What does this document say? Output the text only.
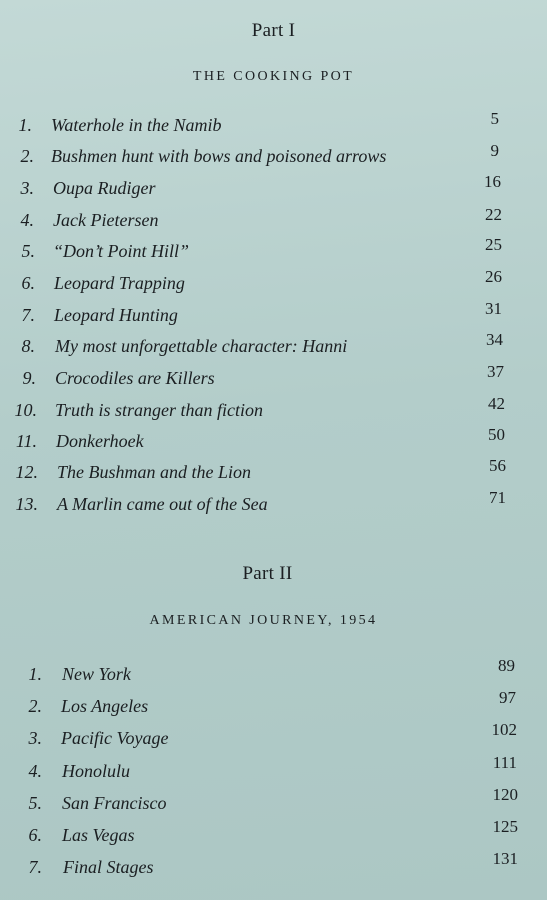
Part I
THE COOKING POT
1. Waterhole in the Namib	5
2. Bushmen hunt with bows and poisoned arrows	9
3. Oupa Rudiger	16
4. Jack Pietersen	22
5. “Don’t Point Hill”	25
6. Leopard Trapping	26
7. Leopard Hunting	31
8. My most unforgettable character: Hanni	34
9. Crocodiles are Killers	37
10. Truth is stranger than fiction	42
11. Donkerhoek	50
12. The Bushman and the Lion	56
13. A Marlin came out of the Sea	71
Part II
AMERICAN JOURNEY, 1954
1. New York	89
2. Los Angeles	97
3. Pacific Voyage	102
4. Honolulu	111
5. San Francisco	120
6. Las Vegas	125
7. Final Stages	131
